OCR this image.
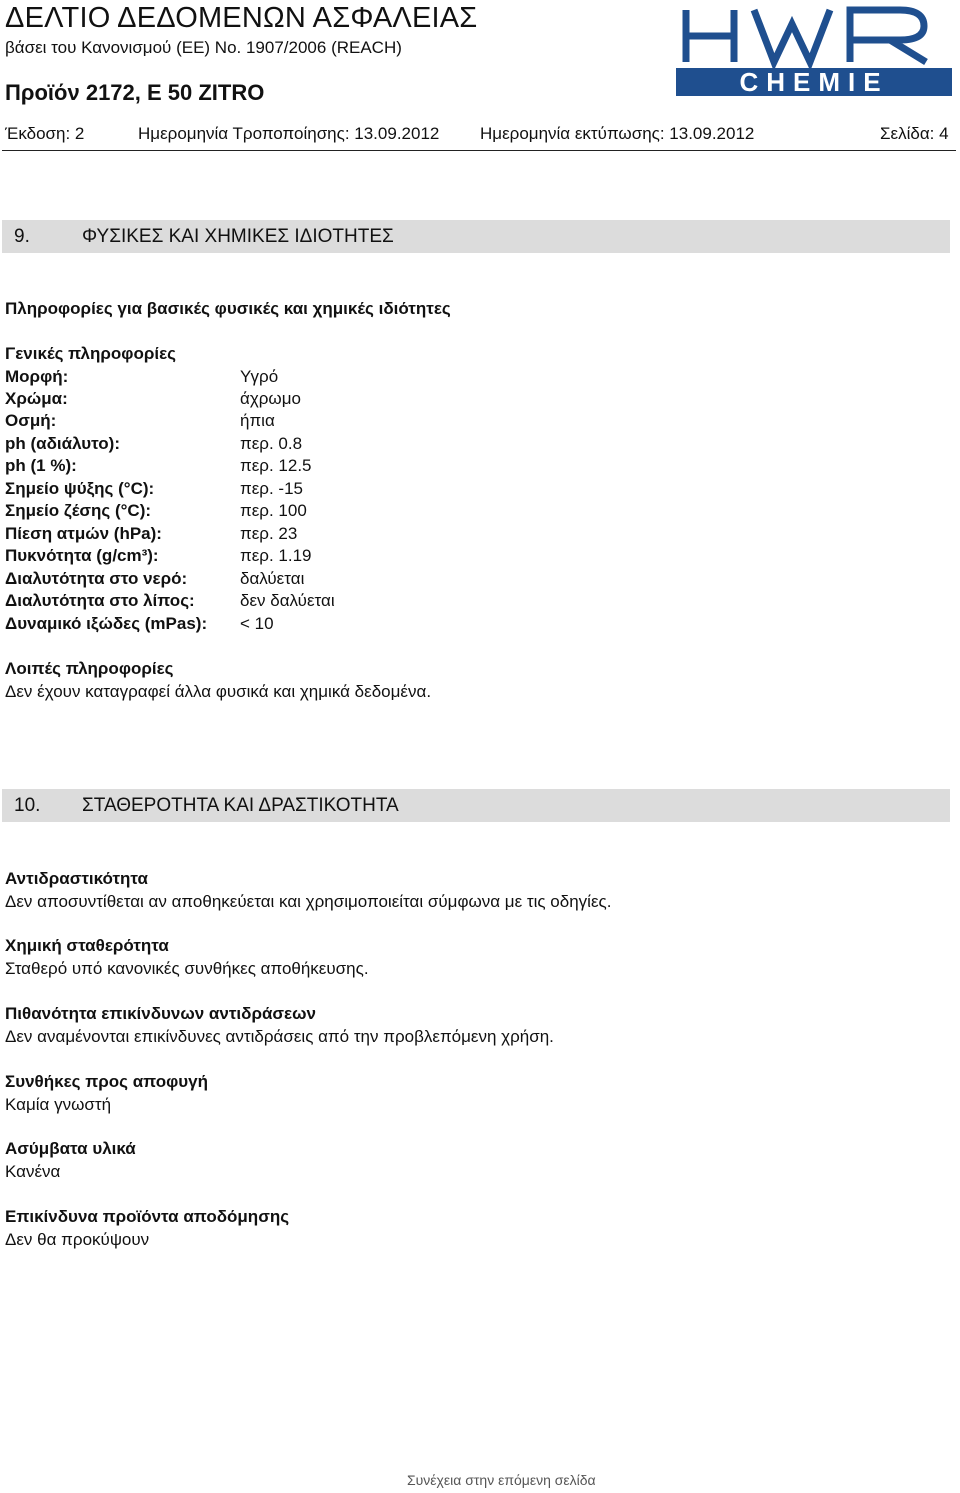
ΔΕΛΤΙΟ ΔΕΔΟΜΕΝΩΝ ΑΣΦΑΛΕΙΑΣ
βάσει του Κανονισμού (ΕΕ) No. 1907/2006 (REACH)
Προϊόν 2172, E 50 ZITRO	CHEMIE
Έκδοση: 2	Ημερομηνία Τροποποίησης: 13.09.2012 Ημερομηνία εκτύπωσης: 13.09.2012	Σελίδα: 4
9.	ΦΥΣΙΚΕΣ ΚΑΙ ΧΗΜΙΚΕΣ ΙΔΙΟΤΗΤΕΣ
Πληροφορίες για βασικές φυσικές και χημικές ιδιότητες
Γενικές πληροφορίες
Μορφή:	Υγρό
Χρώμα:	άχρωμο
Οσμή:	ήπια
ph (αδιάλυτο):	περ. 0.8
ph (1 %):	περ. 12.5
Σημείο ψύξης (°C):	περ. -15
Σημείο ζέσης (°C):	περ. 100
Πίεση ατμών (hPa):	περ. 23
Πυκνότητα (g/cm³):	περ. 1.19
Διαλυτότητα στο νερό:	δαλύεται
Διαλυτότητα στο λίπος:	δεν δαλύεται
Δυναμικό ιξώδες (mPas): < 10
Λοιπές πληροφορίες
Δεν έχουν καταγραφεί άλλα φυσικά και χημικά δεδομένα.
10. ΣΤΑΘΕΡΟΤΗΤΑ ΚΑΙ ΔΡΑΣΤΙΚΟΤΗΤΑ
Αντιδραστικότητα
Δεν αποσυντίθεται αν αποθηκεύεται και χρησιμοποιείται σύμφωνα με τις οδηγίες.
Χημική σταθερότητα
Σταθερό υπό κανονικές συνθήκες αποθήκευσης.
Πιθανότητα επικίνδυνων αντιδράσεων
Δεν αναμένονται επικίνδυνες αντιδράσεις από την προβλεπόμενη χρήση.
Συνθήκες προς αποφυγή
Καμία γνωστή
Ασύμβατα υλικά
Κανένα
Επικίνδυνα προϊόντα αποδόμησης
Δεν θα προκύψουν
Συνέχεια στην επόμενη σελίδα
